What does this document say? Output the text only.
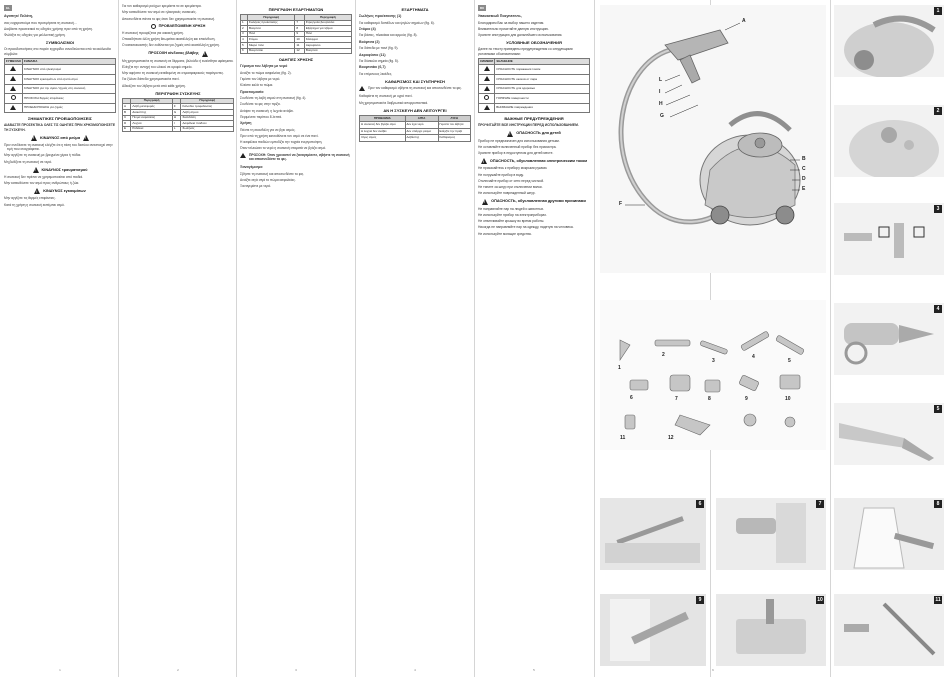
EL	RU

Αγαπητέ Πελάτη,

σας ευχαριστούμε που προτιμήσατε τη συσκευή...

Διαβάστε προσεκτικά τις οδηγίες χρήσης πριν από τη χρήση.

Φυλάξτε τις οδηγίες για μελλοντική χρήση.

ΣΥΜΒΟΛΙΣΜΟΙ

Οι προειδοποιήσεις στο παρόν εγχειρίδιο συνοδεύονται από τα ακόλουθα σύμβολα:

ΣΥΜΒΟΛΟ	ΣΗΜΑΣΙΑ
	ΚΙΝΔΥΝΟΣ από ηλεκτρισμό
	ΚΙΝΔΥΝΟΣ εγκαυμάτων από ζεστό ατμό
	ΚΙΝΔΥΝΟΣ για την υγεία / ζημιές στη συσκευή
	ΠΡΟΣΟΧΗ θερμές επιφάνειες
	ΠΡΟΕΙΔΟΠΟΙΗΣΗ για ζημιές
ΣΗΜΑΝΤΙΚΕΣ ΠΡΟΕΙΔΟΠΟΙΗΣΕΙΣ

ΔΙΑΒΑΣΤΕ ΠΡΟΣΕΚΤΙΚΑ ΟΛΕΣ ΤΙΣ ΟΔΗΓΙΕΣ ΠΡΙΝ ΧΡΗΣΙΜΟΠΟΙΗΣΕΤΕ ΤΗ ΣΥΣΚΕΥΗ.

!
ΚΙΝΔΥΝΟΣ από ρεύμα
!

Πριν συνδέσετε τη συσκευή ελέγξτε ότι η τάση του δικτύου αντιστοιχεί στην τιμή που αναγράφεται.

Μην αγγίζετε τη συσκευή με βρεγμένα χέρια ή πόδια.

Μη βυθίζετε τη συσκευή σε νερό.

!
ΚΙΝΔΥΝΟΣ τραυματισμού

Η συσκευή δεν πρέπει να χρησιμοποιείται από παιδιά.

Μην κατευθύνετε τον ατμό προς ανθρώπους ή ζώα.

!
ΚΙΝΔΥΝΟΣ εγκαυμάτων

Μην αγγίζετε τις θερμές επιφάνειες.

Κατά τη χρήση η συσκευή εκπέμπει ατμό.

1

Για τον καθαρισμό ρούχων κρεμάστε τα σε κρεμάστρα.

Μην κατευθύνετε τον ατμό σε ηλεκτρικές συσκευές.

Αποσυνδέετε πάντα το φις όταν δεν χρησιμοποιείτε τη συσκευή.

ΠΡΟΒΛΕΠΟΜΕΝΗ ΧΡΗΣΗ

Η συσκευή προορίζεται για οικιακή χρήση.

Οποιαδήποτε άλλη χρήση θεωρείται ακατάλληλη και επικίνδυνη.

Ο κατασκευαστής δεν ευθύνεται για ζημιές από ακατάλληλη χρήση.

ΠΡΟΣΟΧΗ κίνδυνος βλάβης
!

Μη χρησιμοποιείτε τη συσκευή σε δέρματα, βελούδο ή ευαίσθητα υφάσματα.

Ελέγξτε την αντοχή του υλικού σε κρυφό σημείο.

Μην αφήνετε τη συσκευή εκτεθειμένη σε ατμοσφαιρικούς παράγοντες.

Για ξύλινα δάπεδα χρησιμοποιείτε πανί.

Αδειάζετε τον λέβητα μετά από κάθε χρήση.

ΠΕΡΙΓΡΑΦΗ ΣΥΣΚΕΥΗΣ
	Περιγραφή		Περιγραφή
A	Λαβή μεταφοράς	F	Καλώδιο τροφοδοσίας
B	Διακόπτης	G	Λαβή ατμού
C	Πώμα ασφαλείας	H	Σκανδάλη
D	Λυχνία	I	Ασφάλεια παιδιών
E	Ροδάκια	L	Σωλήνας
2
ΠΕΡΙΓΡΑΦΗ ΕΞΑΡΤΗΜΑΤΩΝ
	Περιγραφή		Περιγραφή
1	Σωλήνες προέκτασης	7	Στρογγυλό βουρτσάκι
2	Βούρτσα	8	Εξάρτημα για τζάμια
3	Πανί	9	Πανί
4	Στόμιο	10	Κάλυμμα
5	Μικρό πανί	11	Ακροφύσιο
6	Βουρτσάκι	12	Βούρτσα
ΟΔΗΓΙΕΣ ΧΡΗΣΗΣ

Γέμισμα του λέβητα με νερό

Ανοίξτε το πώμα ασφαλείας (fig. 2).

Γεμίστε τον λέβητα με νερό.

Κλείστε καλά το πώμα.

Προετοιμασία

Συνδέστε τη λαβή ατμού στη συσκευή (fig. 4).

Συνδέστε το φις στην πρίζα.

Ανάψτε τη συσκευή: η λυχνία ανάβει.

Περιμένετε περίπου 8 λεπτά.

Χρήση

Πιέστε τη σκανδάλη για να βγει ατμός.

Πριν από τη χρήση κατευθύνετε τον ατμό σε ένα πανί.

Η ασφάλεια παιδιών εμποδίζει την τυχαία ενεργοποίηση.

Όταν τελειώσει το νερό η συσκευή σταματά να βγάζει ατμό.

ΠΡΟΣΟΧΗ: Όταν χρειαστεί να ξαναγεμίσετε, σβήστε τη συσκευή και αποσυνδέστε το φις.

Ξαναγέμισμα

Σβήστε τη συσκευή και αποσυνδέστε το φις.

Ανοίξτε σιγά σιγά το πώμα ασφαλείας.

Ξαναγεμίστε με νερό.

3
ΕΞΑΡΤΗΜΑΤΑ

Σωλήνες προέκτασης (1)

Για καθαρισμό δαπέδων και ψηλών σημείων (fig. 6).

Στόμιο (4)

Για βάσεις, πλακάκια και αρμούς (fig. 8).

Βούρτσα (2)

Για δάπεδα με πανί (fig. 9).

Ακροφύσιο (11)

Για δύσκολα σημεία (fig. 5).

Βουρτσάκι (6,7)

Για επίμονους λεκέδες.

ΚΑΘΑΡΙΣΜΟΣ ΚΑΙ ΣΥΝΤΗΡΗΣΗ

Πριν τον καθαρισμό σβήστε τη συσκευή και αποσυνδέστε το φις.

Καθαρίστε τη συσκευή με υγρό πανί.

Μη χρησιμοποιείτε διαβρωτικά απορρυπαντικά.

ΑΝ Η ΣΥΣΚΕΥΗ ΔΕΝ ΛΕΙΤΟΥΡΓΕΙ
ΠΡΟΒΛΗΜΑ	ΑΙΤΙΑ	ΛΥΣΗ
Η συσκευή δεν βγάζει ατμό	Δεν έχει νερό	Γεμίστε τον λέβητα
Η λυχνία δεν ανάβει	Δεν υπάρχει ρεύμα	Ελέγξτε την πρίζα
Λίγος ατμός	Ασβέστης	Καθαρισμός
4

Уважаемый Покупатель,

Благодарим Вас за выбор нашего изделия.

Внимательно прочитайте данную инструкцию.

Храните инструкцию для дальнейшего использования.

УСЛОВНЫЕ ОБОЗНАЧЕНИЯ

Далее по тексту приведены предупреждения со следующими условными обозначениями:

СИМВОЛ	ЗНАЧЕНИЕ
	ОПАСНОСТЬ поражения током
	ОПАСНОСТЬ ожогов от пара
	ОПАСНОСТЬ для здоровья
	ГОРЯЧИЕ поверхности
	ВНИМАНИЕ повреждения
ВАЖНЫЕ ПРЕДУПРЕЖДЕНИЯ

ПРОЧИТАЙТЕ ВСЕ ИНСТРУКЦИИ ПЕРЕД ИСПОЛЬЗОВАНИЕМ.

!
ОПАСНОСТЬ для детей

Прибор не предназначен для использования детьми.

Не оставляйте включенный прибор без присмотра.

Храните прибор в недоступном для детей месте.

!
ОПАСНОСТЬ, обусловленная электрическим током

Не прикасайтесь к прибору мокрыми руками.

Не погружайте прибор в воду.

Отключайте прибор от сети перед чисткой.

Не тяните за шнур при отключении вилки.

Не используйте поврежденный шнур.

!
ОПАСНОСТЬ, обусловленная другими причинами

Не направляйте пар на людей и животных.

Не используйте прибор на электроприборах.

Не отвинчивайте крышку во время работы.

Никогда не направляйте пар на одежду, надетую на человека.

Не используйте моющие средства.

5
A
B
C
D
E
F
G
H
I
L
1
2
3
4
5
6	7	8	9	10
11	12
1
2
3
4
5
6	7	8
9	10	11
6
